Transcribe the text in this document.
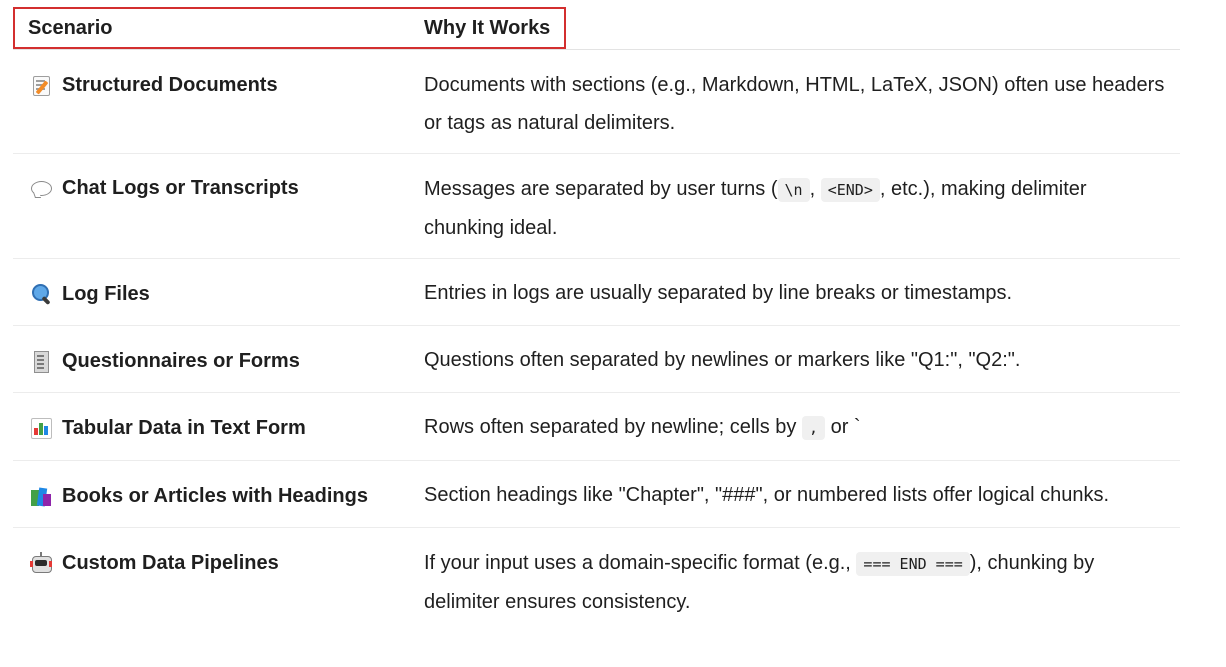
Scenario	Why It Works
Structured Documents	Documents with sections (e.g., Markdown, HTML, LaTeX, JSON) often use headers
or tags as natural delimiters.
Chat Logs or Transcripts	Messages are separated by user turns ( \n , <END> , etc.), making delimiter
chunking ideal.
Log Files	Entries in logs are usually separated by line breaks or timestamps.
Questionnaires or Forms	Questions often separated by newlines or markers like "Q1:", "Q2:".
Tabular Data in Text Form	Rows often separated by newline; cells by , or `
Books or Articles with Headings	Section headings like "Chapter", "###", or numbered lists offer logical chunks.
Custom Data Pipelines	If your input uses a domain-specific format (e.g., === END === ), chunking by
delimiter ensures consistency.
